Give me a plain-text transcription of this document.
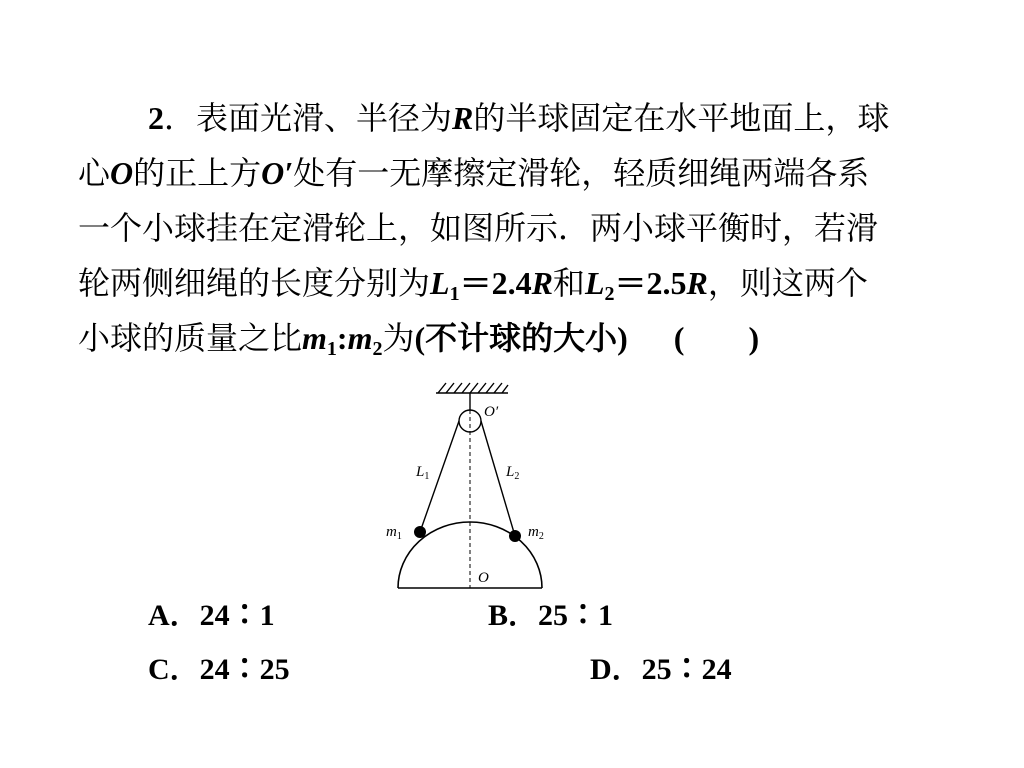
2．表面光滑、半径为R的半球固定在水平地面上，球
心O的正上方O′处有一无摩擦定滑轮，轻质细绳两端各系
一个小球挂在定滑轮上，如图所示．两小球平衡时，若滑
轮两侧细绳的长度分别为$L_1=2.4R$和$L_2=2.5R$，则这两个
小球的质量之比$m_1:m_2$为(不计球的大小) (　　)
O′
O
$L_1$	$L_2$
$m_1$	$m_2$
A．24∶1	B．25∶1
C．24∶25	D．25∶24
